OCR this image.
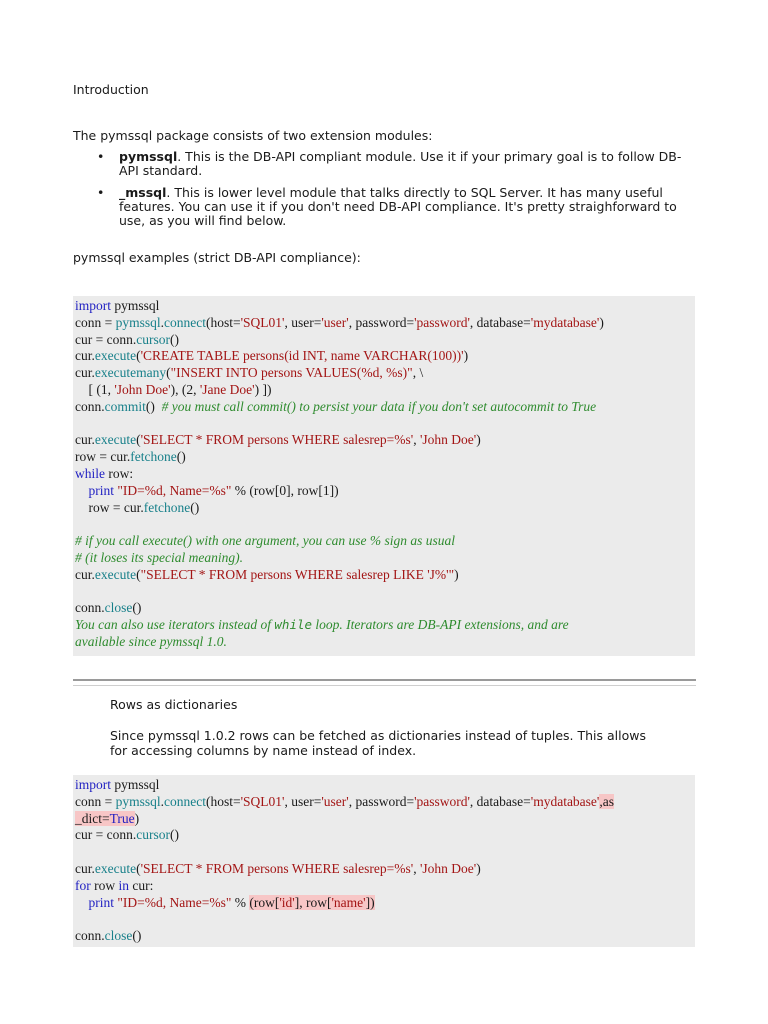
Introduction
The pymssql package consists of two extension modules:
• pymssql. This is the DB-API compliant module. Use it if your primary goal is to follow DB-
API standard.
• _mssql. This is lower level module that talks directly to SQL Server. It has many useful
features. You can use it if you don't need DB-API compliance. It's pretty straighforward to
use, as you will find below.
pymssql examples (strict DB-API compliance):
import pymssql
conn = pymssql.connect(host='SQL01', user='user', password='password', database='mydatabase')
cur = conn.cursor()
cur.execute('CREATE TABLE persons(id INT, name VARCHAR(100))')
cur.executemany("INSERT INTO persons VALUES(%d, %s)", \
[ (1, 'John Doe'), (2, 'Jane Doe') ])
conn.commit()  # you must call commit() to persist your data if you don't set autocommit to True
cur.execute('SELECT * FROM persons WHERE salesrep=%s', 'John Doe')
row = cur.fetchone()
while row:
print "ID=%d, Name=%s" % (row[0], row[1])
row = cur.fetchone()
# if you call execute() with one argument, you can use % sign as usual
# (it loses its special meaning).
cur.execute("SELECT * FROM persons WHERE salesrep LIKE 'J%'")
conn.close()
You can also use iterators instead of while loop. Iterators are DB-API extensions, and are
available since pymssql 1.0.
Rows as dictionaries
Since pymssql 1.0.2 rows can be fetched as dictionaries instead of tuples. This allows
for accessing columns by name instead of index.
import pymssql
conn = pymssql.connect(host='SQL01', user='user', password='password', database='mydatabase',as
_dict=True)
cur = conn.cursor()
cur.execute('SELECT * FROM persons WHERE salesrep=%s', 'John Doe')
for row in cur:
print "ID=%d, Name=%s" % (row['id'], row['name'])
conn.close()
